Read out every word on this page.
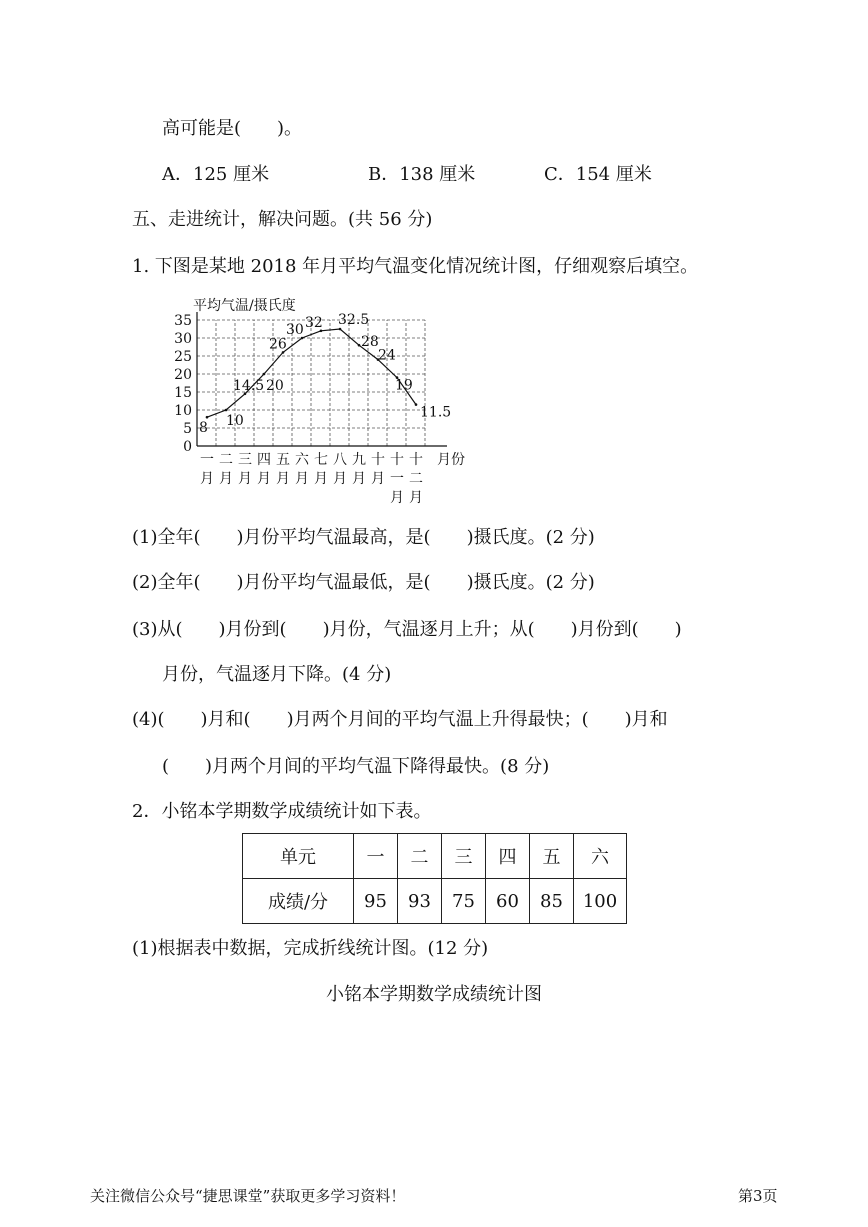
高可能是(　　)。
A．125 厘米	B．138 厘米	C．154 厘米
五、走进统计，解决问题。(共 56 分)
1. 下图是某地 2018 年月平均气温变化情况统计图，仔细观察后填空。
平均气温/摄氏度
0
5
10
15
20
25
30
35
一
月
二
月
三
月
四
月
五
月
六
月
七
月
八
月
九
月
十
月
十
一
月
十
二
月
月份
8 10
14.5 20
26
30 32 32.5
28
24
19
11.5
(1)全年(　　)月份平均气温最高，是(　　)摄氏度。(2 分)
(2)全年(　　)月份平均气温最低，是(　　)摄氏度。(2 分)
(3)从(　　)月份到(　　)月份，气温逐月上升；从(　　)月份到(　　)
月份，气温逐月下降。(4 分)
(4)(　　)月和(　　)月两个月间的平均气温上升得最快；(　　)月和
(　　)月两个月间的平均气温下降得最快。(8 分)
2．小铭本学期数学成绩统计如下表。
单元	一	二	三	四	五	六
成绩/分	95	93	75	60	85	100
(1)根据表中数据，完成折线统计图。(12 分)
小铭本学期数学成绩统计图
关注微信公众号“捷思课堂”获取更多学习资料！	第3页
